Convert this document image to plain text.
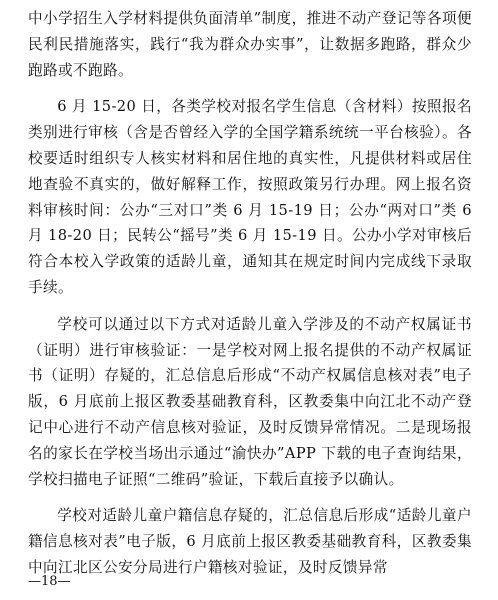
中小学招生入学材料提供负面清单”制度，推进不动产登记等各项便民利民措施落实，践行“我为群众办实事”，让数据多跑路，群众少跑路或不跑路。

6 月 15-20 日，各类学校对报名学生信息（含材料）按照报名类别进行审核（含是否曾经入学的全国学籍系统统一平台核验）。各校要适时组织专人核实材料和居住地的真实性，凡提供材料或居住地查验不真实的，做好解释工作，按照政策另行办理。网上报名资料审核时间：公办“三对口”类 6 月 15-19 日；公办“两对口”类 6 月 18-20 日；民转公“摇号”类 6 月 15-19 日。公办小学对审核后符合本校入学政策的适龄儿童，通知其在规定时间内完成线下录取手续。

学校可以通过以下方式对适龄儿童入学涉及的不动产权属证书（证明）进行审核验证：一是学校对网上报名提供的不动产权属证书（证明）存疑的，汇总信息后形成“不动产权属信息核对表”电子版，6 月底前上报区教委基础教育科，区教委集中向江北不动产登记中心进行不动产信息核对验证，及时反馈异常情况。二是现场报名的家长在学校当场出示通过“渝快办”APP 下载的电子查询结果，学校扫描电子证照“二维码”验证，下载后直接予以确认。

学校对适龄儿童户籍信息存疑的，汇总信息后形成“适龄儿童户籍信息核对表”电子版，6 月底前上报区教委基础教育科，区教委集中向江北区公安分局进行户籍核对验证，及时反馈异常

—18—
